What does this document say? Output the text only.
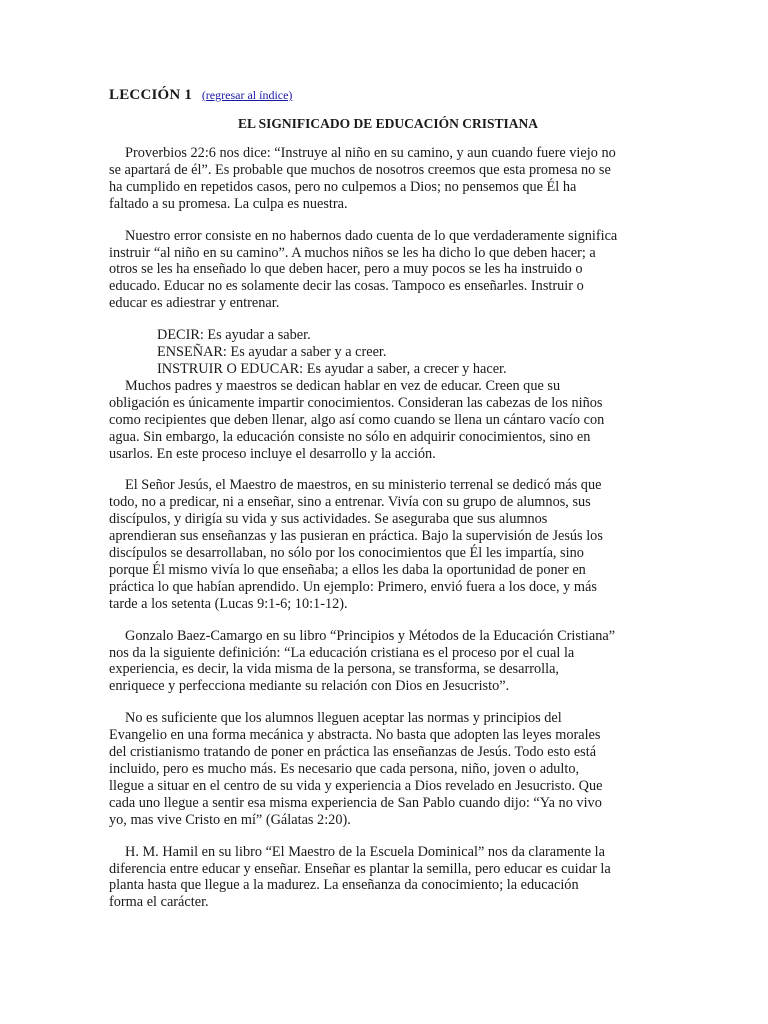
LECCIÓN 1 (regresar al índice)
EL SIGNIFICADO DE EDUCACIÓN CRISTIANA

Proverbios 22:6 nos dice: “Instruye al niño en su camino, y aun cuando fuere viejo no
se apartará de él”. Es probable que muchos de nosotros creemos que esta promesa no se
ha cumplido en repetidos casos, pero no culpemos a Dios; no pensemos que Él ha
faltado a su promesa. La culpa es nuestra.

Nuestro error consiste en no habernos dado cuenta de lo que verdaderamente significa
instruir “al niño en su camino”. A muchos niños se les ha dicho lo que deben hacer; a
otros se les ha enseñado lo que deben hacer, pero a muy pocos se les ha instruido o
educado. Educar no es solamente decir las cosas. Tampoco es enseñarles. Instruir o
educar es adiestrar y entrenar.

DECIR: Es ayudar a saber.
ENSEÑAR: Es ayudar a saber y a creer.
INSTRUIR O EDUCAR: Es ayudar a saber, a crecer y hacer.

Muchos padres y maestros se dedican hablar en vez de educar. Creen que su
obligación es únicamente impartir conocimientos. Consideran las cabezas de los niños
como recipientes que deben llenar, algo así como cuando se llena un cántaro vacío con
agua. Sin embargo, la educación consiste no sólo en adquirir conocimientos, sino en
usarlos. En este proceso incluye el desarrollo y la acción.

El Señor Jesús, el Maestro de maestros, en su ministerio terrenal se dedicó más que
todo, no a predicar, ni a enseñar, sino a entrenar. Vivía con su grupo de alumnos, sus
discípulos, y dirigía su vida y sus actividades. Se aseguraba que sus alumnos
aprendieran sus enseñanzas y las pusieran en práctica. Bajo la supervisión de Jesús los
discípulos se desarrollaban, no sólo por los conocimientos que Él les impartía, sino
porque Él mismo vivía lo que enseñaba; a ellos les daba la oportunidad de poner en
práctica lo que habían aprendido. Un ejemplo: Primero, envió fuera a los doce, y más
tarde a los setenta (Lucas 9:1-6; 10:1-12).

Gonzalo Baez-Camargo en su libro “Principios y Métodos de la Educación Cristiana”
nos da la siguiente definición: “La educación cristiana es el proceso por el cual la
experiencia, es decir, la vida misma de la persona, se transforma, se desarrolla,
enriquece y perfecciona mediante su relación con Dios en Jesucristo”.

No es suficiente que los alumnos lleguen aceptar las normas y principios del
Evangelio en una forma mecánica y abstracta. No basta que adopten las leyes morales
del cristianismo tratando de poner en práctica las enseñanzas de Jesús. Todo esto está
incluido, pero es mucho más. Es necesario que cada persona, niño, joven o adulto,
llegue a situar en el centro de su vida y experiencia a Dios revelado en Jesucristo. Que
cada uno llegue a sentir esa misma experiencia de San Pablo cuando dijo: “Ya no vivo
yo, mas vive Cristo en mí” (Gálatas 2:20).

H. M. Hamil en su libro “El Maestro de la Escuela Dominical” nos da claramente la
diferencia entre educar y enseñar. Enseñar es plantar la semilla, pero educar es cuidar la
planta hasta que llegue a la madurez. La enseñanza da conocimiento; la educación
forma el carácter.
